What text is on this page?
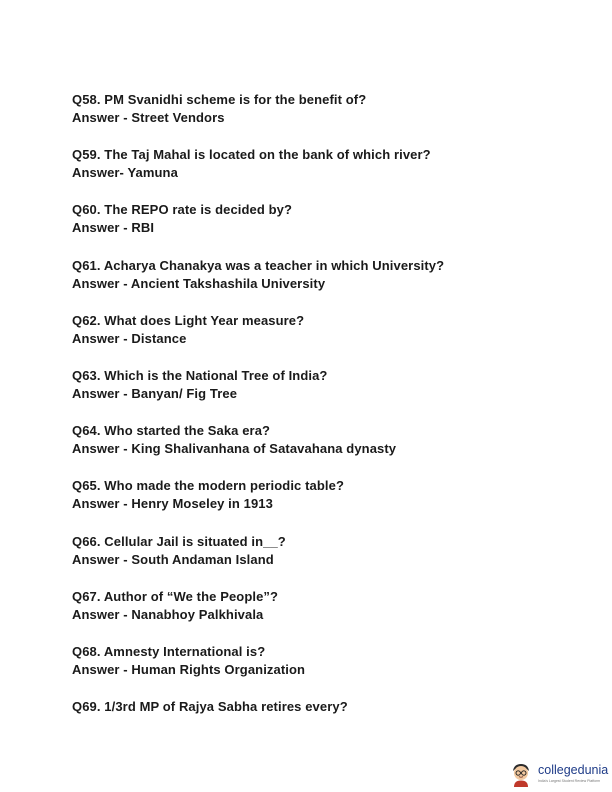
Q58. PM Svanidhi scheme is for the benefit of?

Answer - Street Vendors

Q59. The Taj Mahal is located on the bank of which river?

Answer- Yamuna

Q60. The REPO rate is decided by?

Answer - RBI

Q61. Acharya Chanakya was a teacher in which University?

Answer - Ancient Takshashila University

Q62. What does Light Year measure?

Answer - Distance

Q63. Which is the National Tree of India?

Answer - Banyan/ Fig Tree

Q64. Who started the Saka era?

Answer - King Shalivanhana of Satavahana dynasty

Q65. Who made the modern periodic table?

Answer - Henry Moseley in 1913

Q66. Cellular Jail is situated in__?

Answer - South Andaman Island

Q67. Author of “We the People”?

Answer - Nanabhoy Palkhivala

Q68. Amnesty International is?

Answer - Human Rights Organization

Q69. 1/3rd MP of Rajya Sabha retires every?

collegedunia
India's Largest Student Review Platform
